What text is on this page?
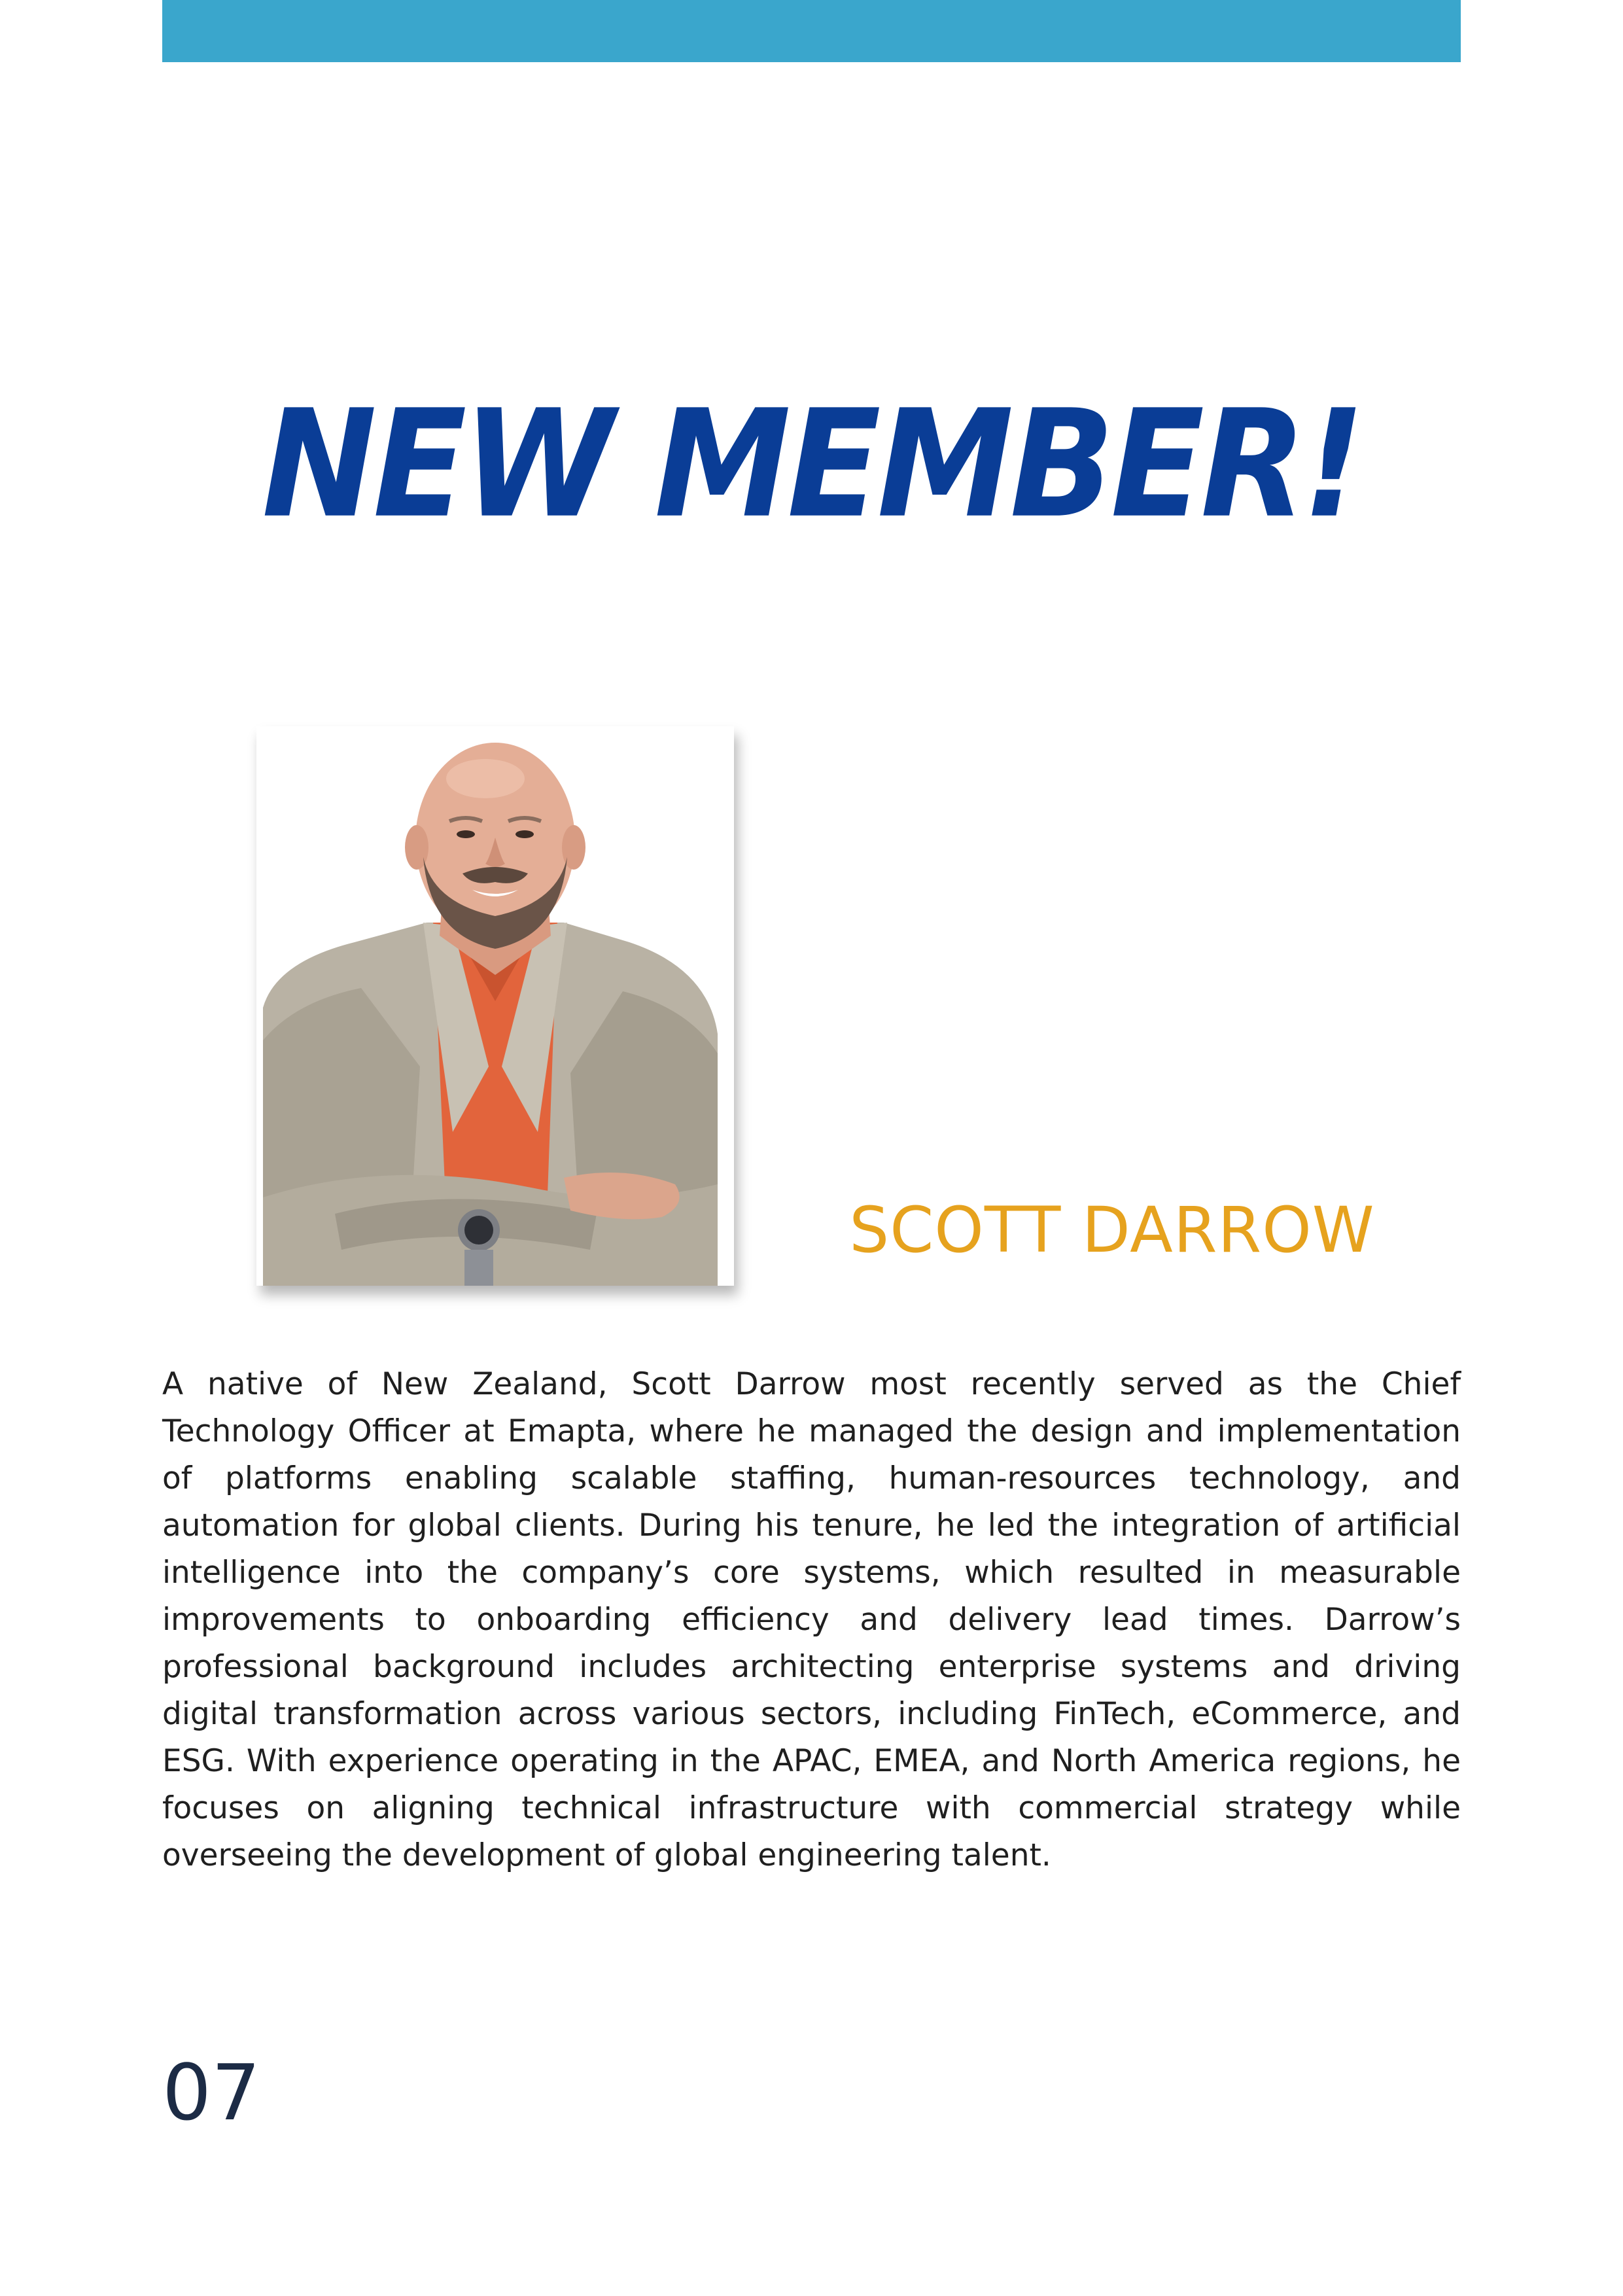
NEW MEMBER!
SCOTT DARROW

A native of New Zealand, Scott Darrow most recently served as the Chief Technology Officer at Emapta, where he managed the design and implementation of platforms enabling scalable staffing, human-resources technology, and automation for global clients. During his tenure, he led the integration of artificial intelligence into the company’s core systems, which resulted in measurable improvements to onboarding efficiency and delivery lead times. Darrow’s professional background includes architecting enterprise systems and driving digital transformation across various sectors, including FinTech, eCommerce, and ESG. With experience operating in the APAC, EMEA, and North America regions, he focuses on aligning technical infrastructure with commercial strategy while overseeing the development of global engineering talent.

07
